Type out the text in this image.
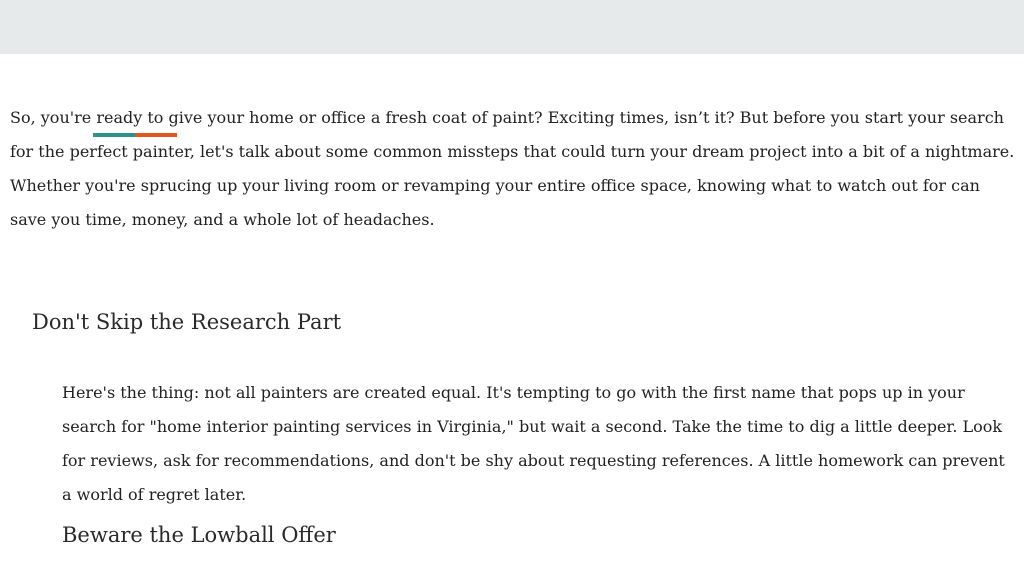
So, you're ready to give your home or office a fresh coat of paint? Exciting times, isn’t it? But before you start your search for the perfect painter, let's talk about some common missteps that could turn your dream project into a bit of a nightmare. Whether you're sprucing up your living room or revamping your entire office space, knowing what to watch out for can save you time, money, and a whole lot of headaches.

Don't Skip the Research Part

Here's the thing: not all painters are created equal. It's tempting to go with the first name that pops up in your search for "home interior painting services in Virginia," but wait a second. Take the time to dig a little deeper. Look for reviews, ask for recommendations, and don't be shy about requesting references. A little homework can prevent a world of regret later.

Beware the Lowball Offer
